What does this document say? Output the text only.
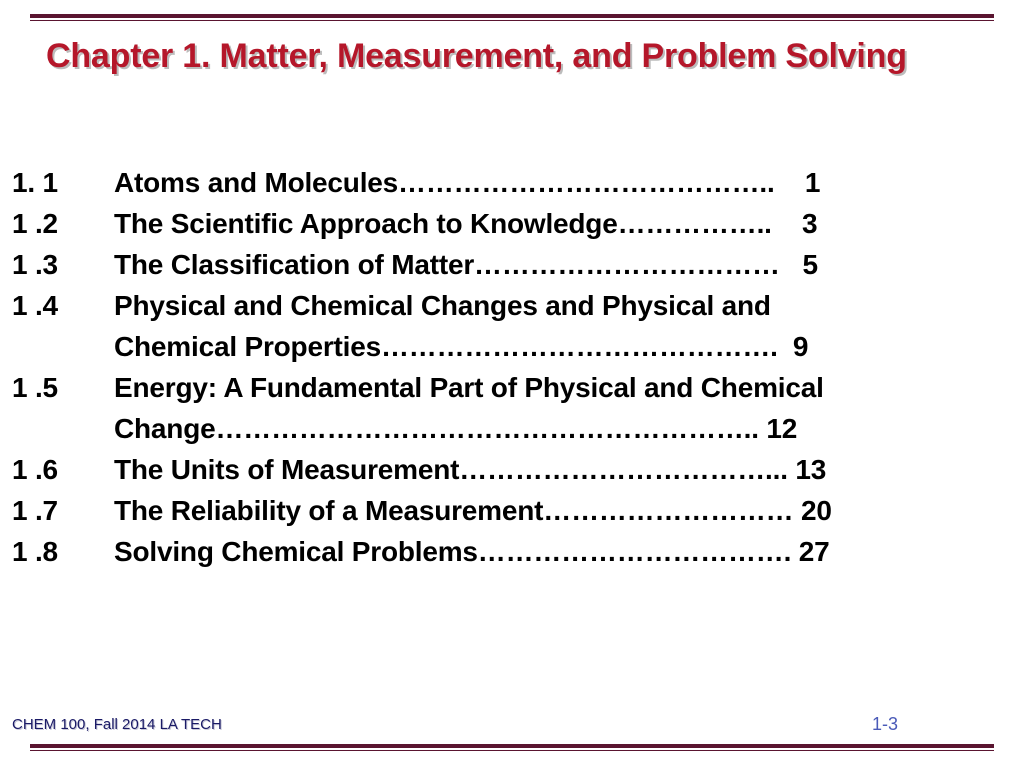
Chapter 1. Matter, Measurement, and Problem Solving
1. 1 Atoms and Molecules…………………………………..    1
1 .2 The Scientific Approach to Knowledge……………..    3
1 .3 The Classification of Matter……………………………   5
1 .4 Physical and Chemical Changes and Physical and
Chemical Properties…………………………………….  9
1 .5 Energy: A Fundamental Part of Physical and Chemical
Change………………………………………………….. 12
1 .6 The Units of Measurement……………………………... 13
1 .7 The Reliability of a Measurement……………………… 20
1 .8 Solving Chemical Problems……………………………. 27
CHEM 100, Fall 2014 LA TECH	1-3
